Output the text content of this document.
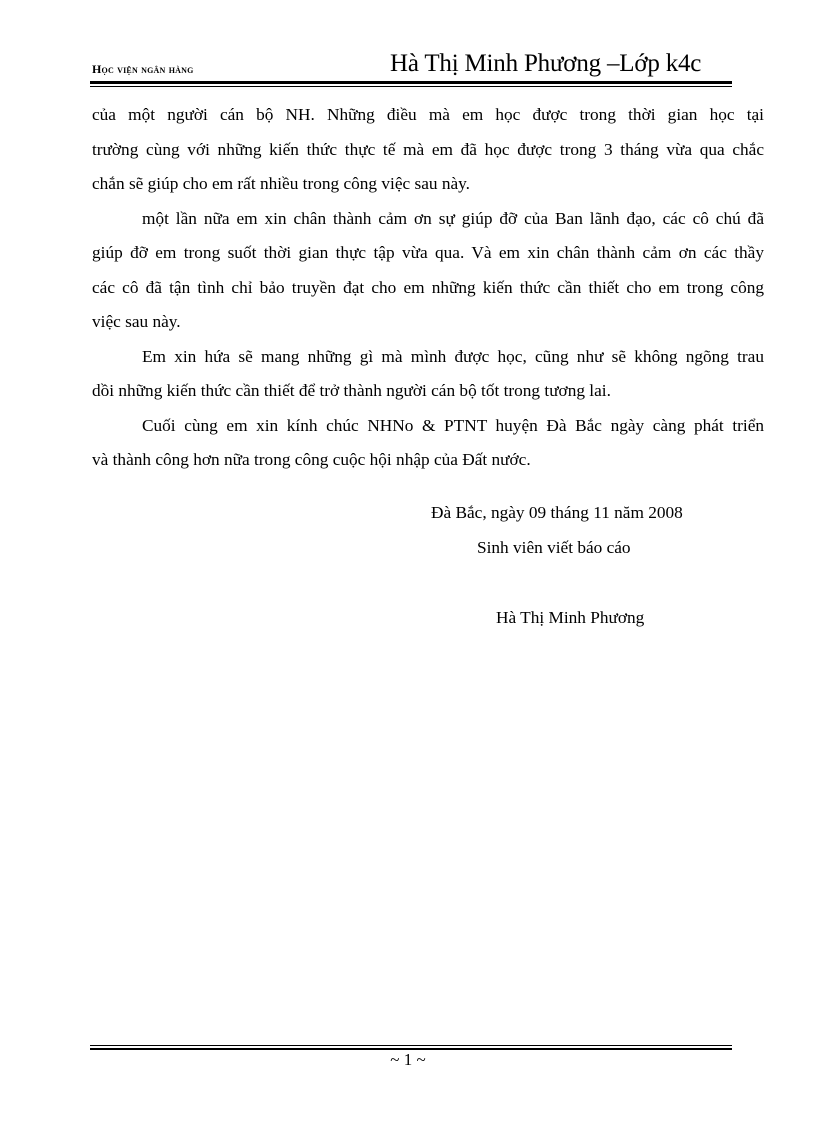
Học viện ngân hàng	Hà Thị Minh Phương –Lớp k4c

của một người cán bộ NH. Những điều mà em học được trong thời gian học tại
trường cùng với những kiến thức thực tế mà em đã học được trong 3 tháng vừa qua chắc
chắn sẽ giúp cho em rất nhiều trong công việc sau này.

một lần nữa em xin chân thành cảm ơn sự giúp đỡ của Ban lãnh đạo, các cô chú đã
giúp đỡ em trong suốt thời gian thực tập vừa qua. Và em xin chân thành cảm ơn các thầy
các cô đã tận tình chỉ bảo truyền đạt cho em những kiến thức cần thiết cho em trong công
việc sau này.

Em xin hứa sẽ mang những gì mà mình được học, cũng như sẽ không ngõng trau
dồi những kiến thức cần thiết để trở thành người cán bộ tốt trong tương lai.

Cuối cùng em xin kính chúc NHNo & PTNT huyện Đà Bắc ngày càng phát triển
và thành công hơn nữa trong công cuộc hội nhập của Đất nước.

Đà Bắc, ngày 09 tháng 11 năm 2008
Sinh viên viết báo cáo
Hà Thị Minh Phương
~ 1 ~
